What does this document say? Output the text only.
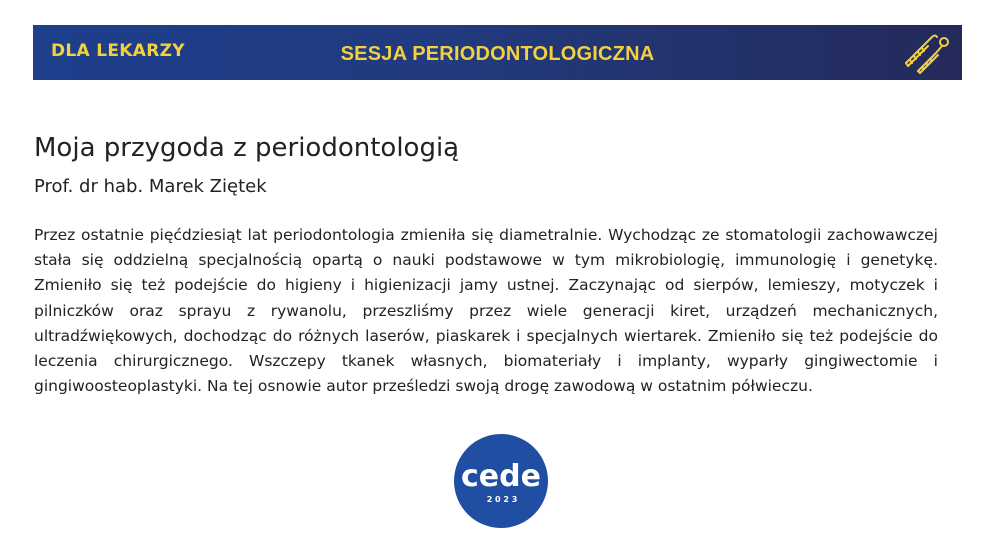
DLA LEKARZY	SESJA PERIODONTOLOGICZNA
Moja przygoda z periodontologią
Prof. dr hab. Marek Ziętek
Przez ostatnie pięćdziesiąt lat periodontologia zmieniła się diametralnie. Wychodząc ze stomatologii zachowawczej stała się oddzielną specjalnością opartą o nauki podstawowe w tym mikrobiologię, immunologię i genetykę. Zmieniło się też podejście do higieny i higienizacji jamy ustnej. Zaczynając od sierpów, lemieszy, motyczek i pilniczków oraz sprayu z rywanolu, przeszliśmy przez wiele generacji kiret, urządzeń mechanicznych, ultradźwiękowych, dochodząc do różnych laserów, piaskarek i specjalnych wiertarek. Zmieniło się też podejście do leczenia chirurgicznego. Wszczepy tkanek własnych, biomateriały i implanty, wyparły gingiwectomie i gingiwoosteoplastyki. Na tej osnowie autor prześledzi swoją drogę zawodową w ostatnim półwieczu.
cede
2 0 2 3
